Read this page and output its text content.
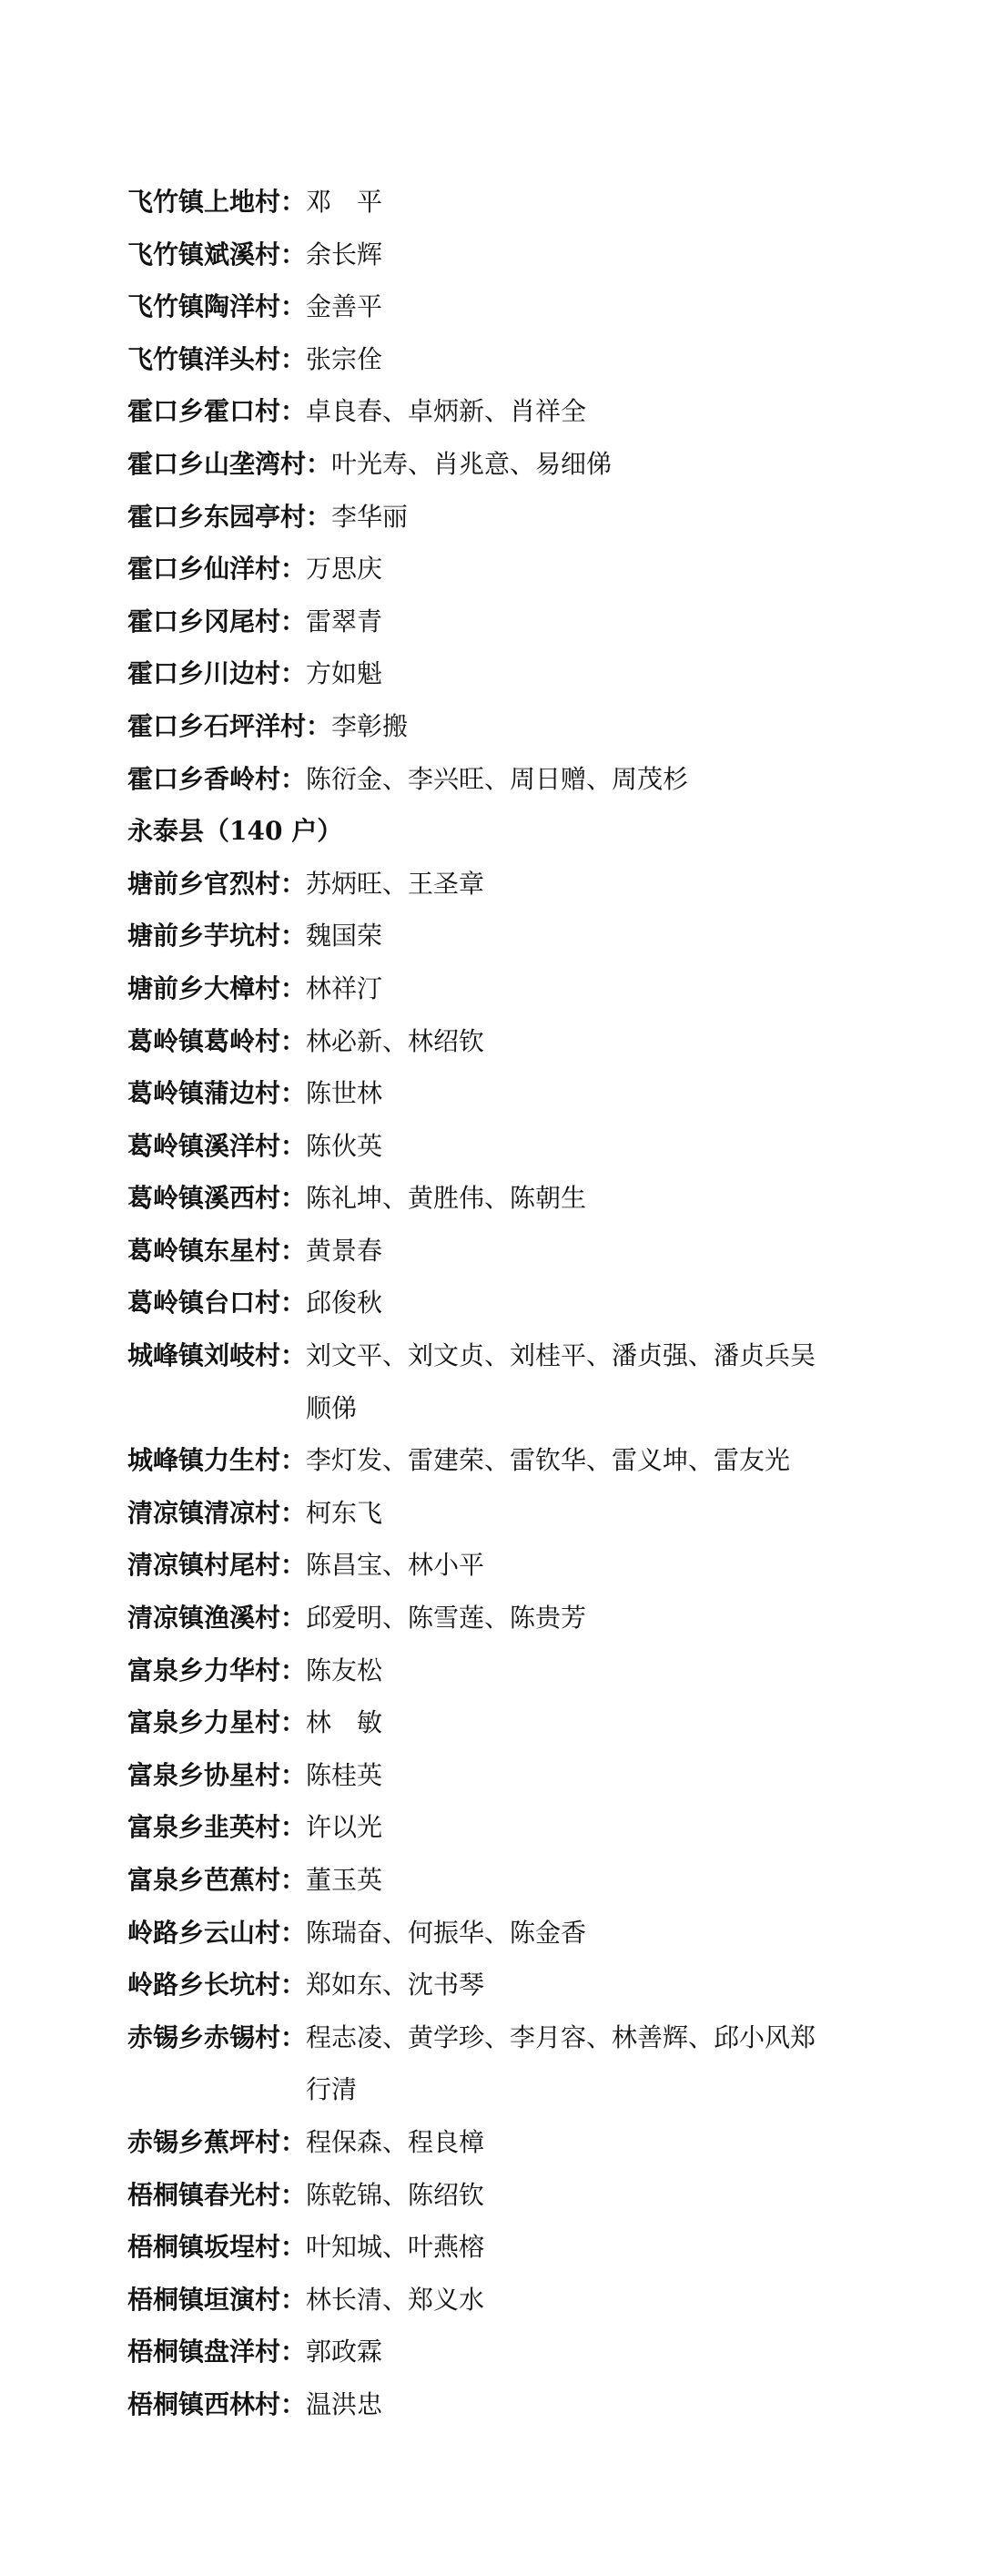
飞竹镇上地村： 邓　平
飞竹镇斌溪村： 余长辉
飞竹镇陶洋村： 金善平
飞竹镇洋头村： 张宗佺
霍口乡霍口村： 卓良春、卓炳新、肖祥全
霍口乡山垄湾村： 叶光寿、肖兆意、易细俤
霍口乡东园亭村： 李华丽
霍口乡仙洋村： 万思庆
霍口乡冈尾村： 雷翠青
霍口乡川边村： 方如魁
霍口乡石坪洋村： 李彰搬
霍口乡香岭村： 陈衍金、李兴旺、周日赠、周茂杉
永泰县（140 户）
塘前乡官烈村： 苏炳旺、王圣章
塘前乡芋坑村： 魏国荣
塘前乡大樟村： 林祥汀
葛岭镇葛岭村： 林必新、林绍钦
葛岭镇蒲边村： 陈世林
葛岭镇溪洋村： 陈伙英
葛岭镇溪西村： 陈礼坤、黄胜伟、陈朝生
葛岭镇东星村： 黄景春
葛岭镇台口村： 邱俊秋
城峰镇刘岐村： 刘文平、刘文贞、刘桂平、潘贞强、潘贞兵吴顺俤
城峰镇力生村： 李灯发、雷建荣、雷钦华、雷义坤、雷友光
清凉镇清凉村： 柯东飞
清凉镇村尾村： 陈昌宝、林小平
清凉镇渔溪村： 邱爱明、陈雪莲、陈贵芳
富泉乡力华村： 陈友松
富泉乡力星村： 林　敏
富泉乡协星村： 陈桂英
富泉乡韭英村： 许以光
富泉乡芭蕉村： 董玉英
岭路乡云山村： 陈瑞奋、何振华、陈金香
岭路乡长坑村： 郑如东、沈书琴
赤锡乡赤锡村： 程志凌、黄学珍、李月容、林善辉、邱小风郑行清
赤锡乡蕉坪村： 程保森、程良樟
梧桐镇春光村： 陈乾锦、陈绍钦
梧桐镇坂埕村： 叶知城、叶燕榕
梧桐镇垣演村： 林长清、郑义水
梧桐镇盘洋村： 郭政霖
梧桐镇西林村： 温洪忠
